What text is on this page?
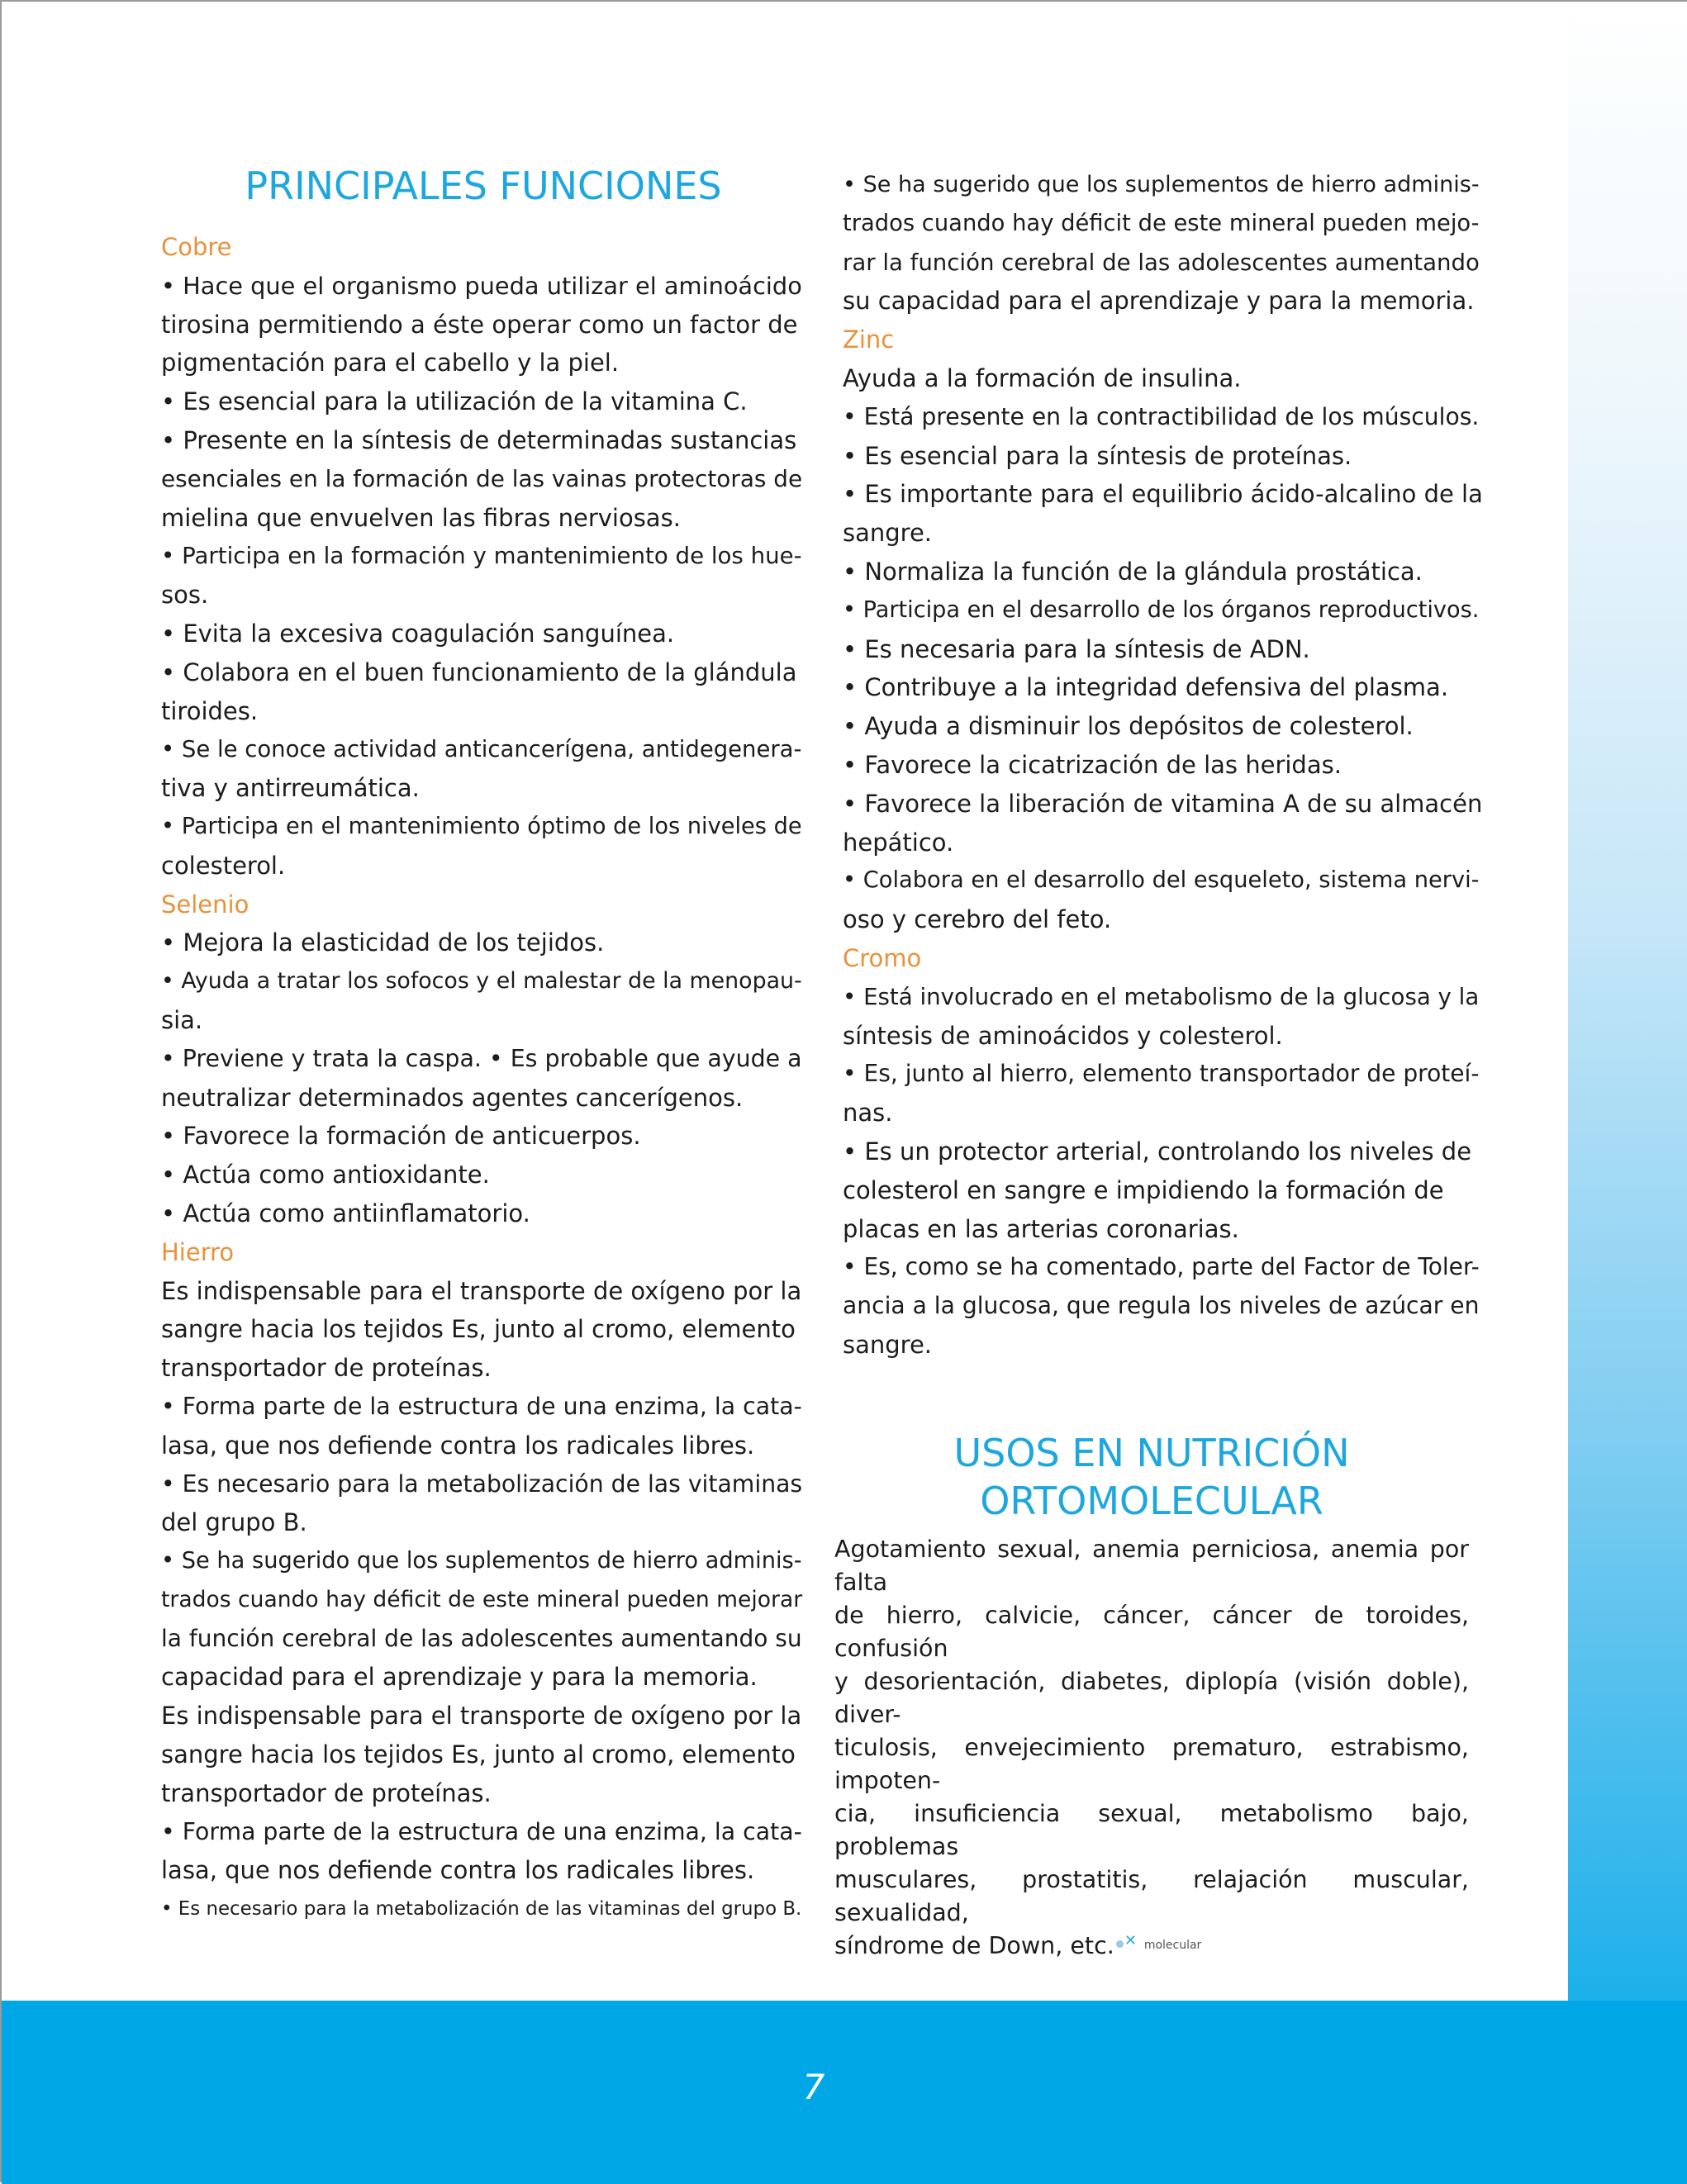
7
PRINCIPALES FUNCIONES
Cobre
• Hace que el organismo pueda utilizar el aminoácido
tirosina permitiendo a éste operar como un factor de
pigmentación para el cabello y la piel.
• Es esencial para la utilización de la vitamina C.
• Presente en la síntesis de determinadas sustancias
esenciales en la formación de las vainas protectoras de
mielina que envuelven las fibras nerviosas.
• Participa en la formación y mantenimiento de los hue-
sos.
• Evita la excesiva coagulación sanguínea.
• Colabora en el buen funcionamiento de la glándula
tiroides.
• Se le conoce actividad anticancerígena, antidegenera-
tiva y antirreumática.
• Participa en el mantenimiento óptimo de los niveles de
colesterol.
Selenio
• Mejora la elasticidad de los tejidos.
• Ayuda a tratar los sofocos y el malestar de la menopau-
sia.
• Previene y trata la caspa. • Es probable que ayude a
neutralizar determinados agentes cancerígenos.
• Favorece la formación de anticuerpos.
• Actúa como antioxidante.
• Actúa como antiinflamatorio.
Hierro
Es indispensable para el transporte de oxígeno por la
sangre hacia los tejidos Es, junto al cromo, elemento
transportador de proteínas.
• Forma parte de la estructura de una enzima, la cata-
lasa, que nos defiende contra los radicales libres.
• Es necesario para la metabolización de las vitaminas
del grupo B.
• Se ha sugerido que los suplementos de hierro adminis-
trados cuando hay déficit de este mineral pueden mejorar
la función cerebral de las adolescentes aumentando su
capacidad para el aprendizaje y para la memoria.
Es indispensable para el transporte de oxígeno por la
sangre hacia los tejidos Es, junto al cromo, elemento
transportador de proteínas.
• Forma parte de la estructura de una enzima, la cata-
lasa, que nos defiende contra los radicales libres.
• Es necesario para la metabolización de las vitaminas del grupo B.
• Se ha sugerido que los suplementos de hierro adminis-
trados cuando hay déficit de este mineral pueden mejo-
rar la función cerebral de las adolescentes aumentando
su capacidad para el aprendizaje y para la memoria.
Zinc
Ayuda a la formación de insulina.
• Está presente en la contractibilidad de los músculos.
• Es esencial para la síntesis de proteínas.
• Es importante para el equilibrio ácido-alcalino de la
sangre.
• Normaliza la función de la glándula prostática.
• Participa en el desarrollo de los órganos reproductivos.
• Es necesaria para la síntesis de ADN.
• Contribuye a la integridad defensiva del plasma.
• Ayuda a disminuir los depósitos de colesterol.
• Favorece la cicatrización de las heridas.
• Favorece la liberación de vitamina A de su almacén
hepático.
• Colabora en el desarrollo del esqueleto, sistema nervi-
oso y cerebro del feto.
Cromo
• Está involucrado en el metabolismo de la glucosa y la
síntesis de aminoácidos y colesterol.
• Es, junto al hierro, elemento transportador de proteí-
nas.
• Es un protector arterial, controlando los niveles de
colesterol en sangre e impidiendo la formación de
placas en las arterias coronarias.
• Es, como se ha comentado, parte del Factor de Toler-
ancia a la glucosa, que regula los niveles de azúcar en
sangre.
USOS EN NUTRICIÓN
ORTOMOLECULAR
Agotamiento sexual, anemia perniciosa, anemia por falta
de hierro, calvicie, cáncer, cáncer de toroides, confusión
y desorientación, diabetes, diplopía (visión doble), diver-
ticulosis, envejecimiento prematuro, estrabismo, impoten-
cia, insuficiencia sexual, metabolismo bajo, problemas
musculares, prostatitis, relajación muscular, sexualidad,
síndrome de Down, etc. ✕ molecular
